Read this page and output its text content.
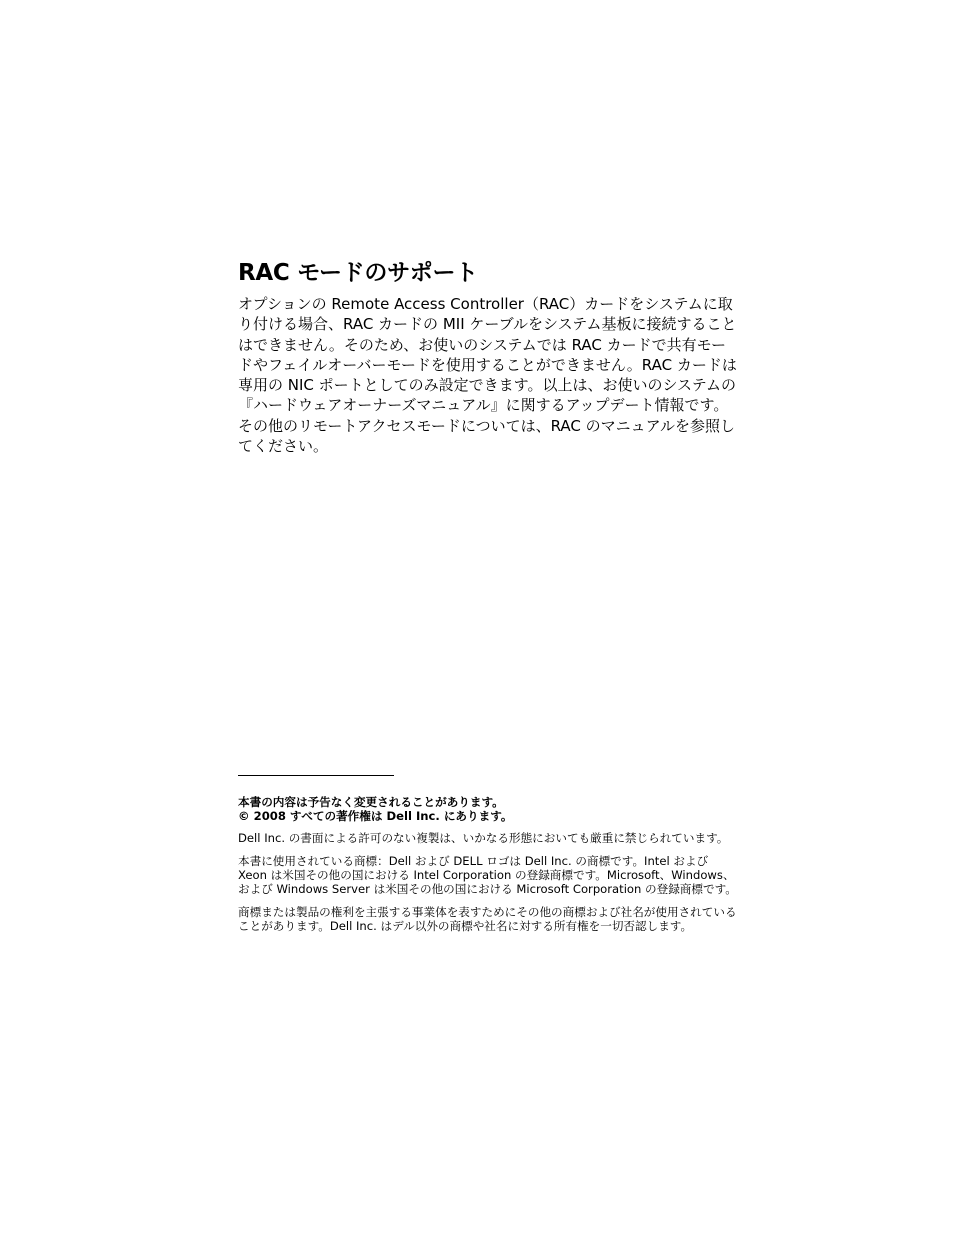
RAC モードのサポート

オプションの Remote Access Controller（RAC）カードをシステムに取り付ける場合、RAC カードの MII ケーブルをシステム基板に接続することはできません。そのため、お使いのシステムでは RAC カードで共有モードやフェイルオーバーモードを使用することができません。RAC カードは専用の NIC ポートとしてのみ設定できます。以上は、お使いのシステムの『ハードウェアオーナーズマニュアル』に関するアップデート情報です。その他のリモートアクセスモードについては、RAC のマニュアルを参照してください。

本書の内容は予告なく変更されることがあります。

© 2008 すべての著作権は Dell Inc. にあります。

Dell Inc. の書面による許可のない複製は、いかなる形態においても厳重に禁じられています。

本書に使用されている商標：Dell および DELL ロゴは Dell Inc. の商標です。Intel および Xeon は米国その他の国における Intel Corporation の登録商標です。Microsoft、Windows、および Windows Server は米国その他の国における Microsoft Corporation の登録商標です。

商標または製品の権利を主張する事業体を表すためにその他の商標および社名が使用されていることがあります。Dell Inc. はデル以外の商標や社名に対する所有権を一切否認します。
